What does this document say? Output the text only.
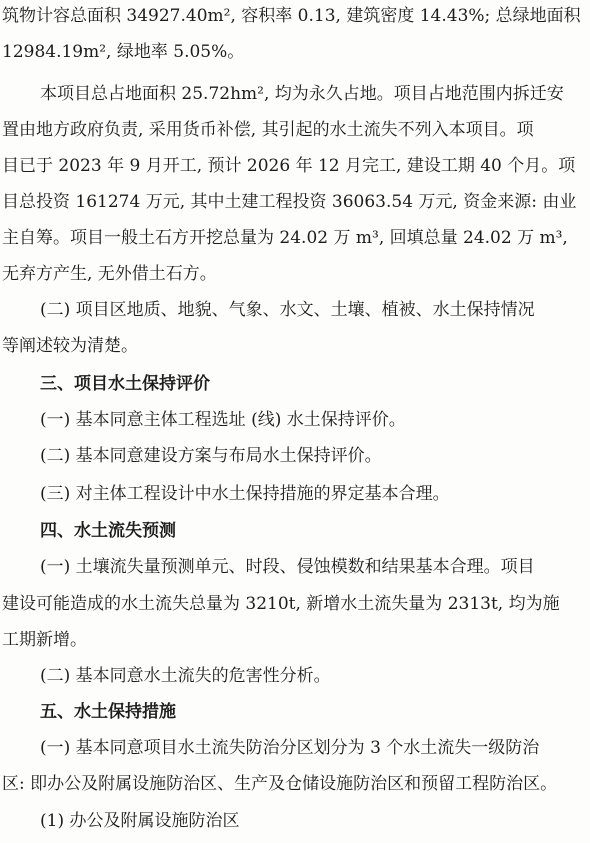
筑物计容总面积 34927.40m², 容积率 0.13, 建筑密度 14.43%; 总绿地面积
12984.19m², 绿地率 5.05%。
本项目总占地面积 25.72hm², 均为永久占地。项目占地范围内拆迁安
置由地方政府负责, 采用货币补偿, 其引起的水土流失不列入本项目。项
目已于 2023 年 9 月开工, 预计 2026 年 12 月完工, 建设工期 40 个月。项
目总投资 161274 万元, 其中土建工程投资 36063.54 万元, 资金来源: 由业
主自筹。项目一般土石方开挖总量为 24.02 万 m³, 回填总量 24.02 万 m³,
无弃方产生, 无外借土石方。
(二) 项目区地质、地貌、气象、水文、土壤、植被、水土保持情况
等阐述较为清楚。
三、项目水土保持评价
(一) 基本同意主体工程选址 (线) 水土保持评价。
(二) 基本同意建设方案与布局水土保持评价。
(三) 对主体工程设计中水土保持措施的界定基本合理。
四、水土流失预测
(一) 土壤流失量预测单元、时段、侵蚀模数和结果基本合理。项目
建设可能造成的水土流失总量为 3210t, 新增水土流失量为 2313t, 均为施
工期新增。
(二) 基本同意水土流失的危害性分析。
五、水土保持措施
(一) 基本同意项目水土流失防治分区划分为 3 个水土流失一级防治
区: 即办公及附属设施防治区、生产及仓储设施防治区和预留工程防治区。
(1) 办公及附属设施防治区
